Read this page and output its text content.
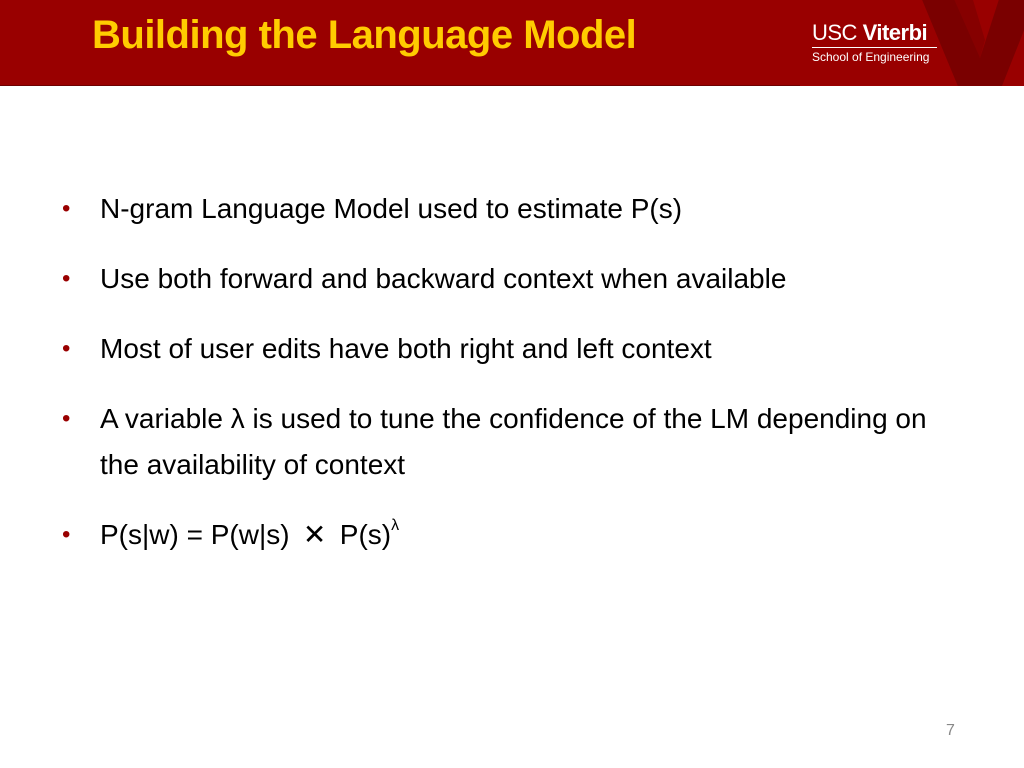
Building the Language Model	USC Viterbi
School of Engineering
• N-gram Language Model used to estimate P(s)
• Use both forward and backward context when available
• Most of user edits have both right and left context
• A variable λ is used to tune the confidence of the LM depending on the availability of context
• P(s|w) = P(w|s)  ✕  $P(s)^\lambda$
7
